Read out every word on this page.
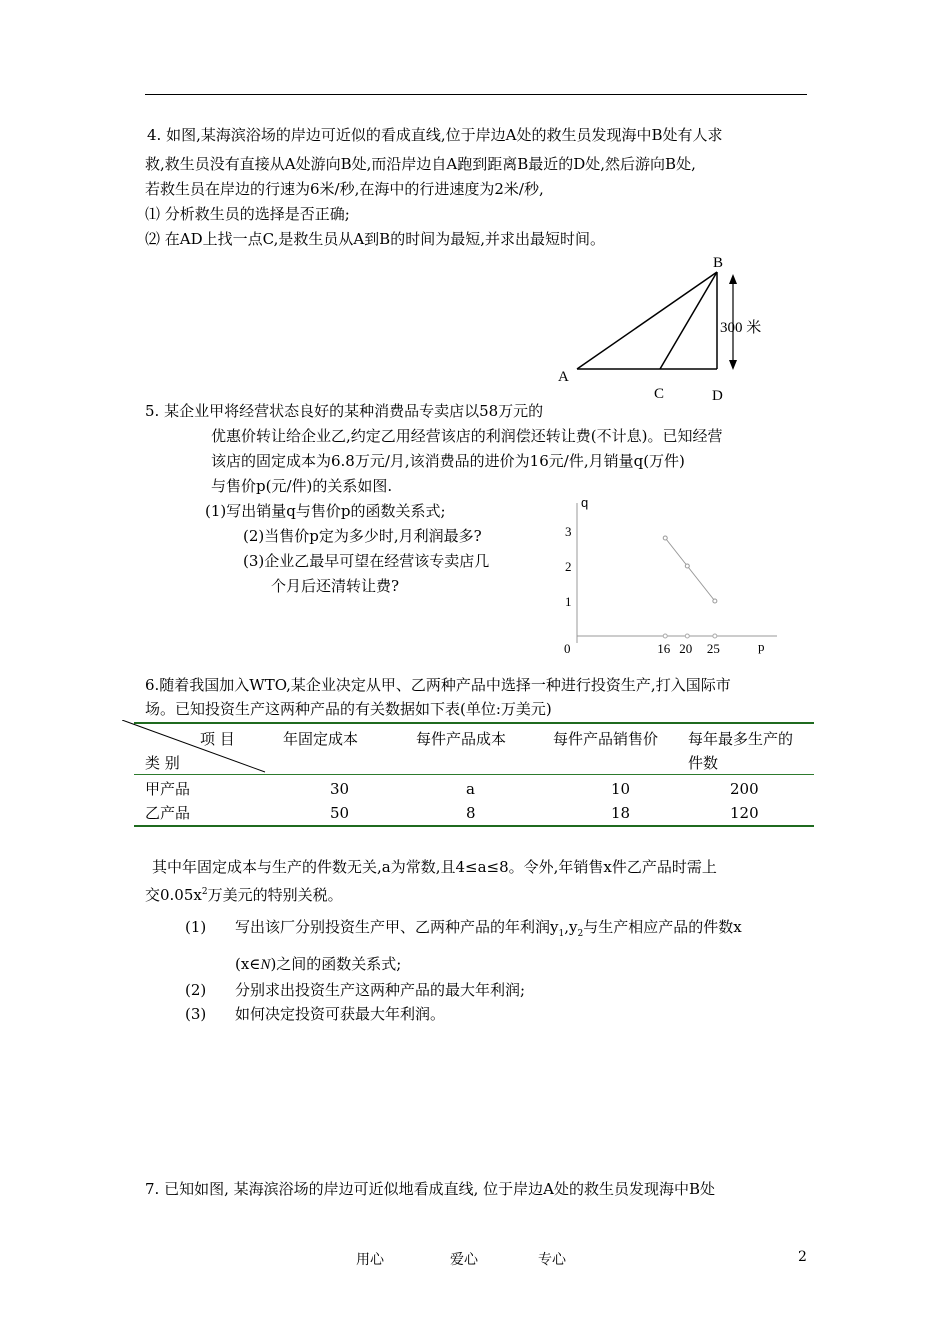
4. 如图,某海滨浴场的岸边可近似的看成直线,位于岸边A处的救生员发现海中B处有人求
救,救生员没有直接从A处游向B处,而沿岸边自A跑到距离B最近的D处,然后游向B处,
若救生员在岸边的行速为6米/秒,在海中的行进速度为2米/秒,
⑴ 分析救生员的选择是否正确;
⑵ 在AD上找一点C,是救生员从A到B的时间为最短,并求出最短时间。
B
A
C	D
300 米
5. 某企业甲将经营状态良好的某种消费品专卖店以58万元的
优惠价转让给企业乙,约定乙用经营该店的利润偿还转让费(不计息)。已知经营
该店的固定成本为6.8万元/月,该消费品的进价为16元/件,月销量q(万件)
与售价p(元/件)的关系如图.
(1)写出销量q与售价p的函数关系式;
(2)当售价p定为多少时,月利润最多?
(3)企业乙最早可望在经营该专卖店几
个月后还清转让费?
q
p
0
1
2
3
16 20 25
6.随着我国加入WTO,某企业决定从甲、乙两种产品中选择一种进行投资生产,打入国际市
场。已知投资生产这两种产品的有关数据如下表(单位:万美元)
项 目
类 别
年固定成本	每件产品成本	每件产品销售价 每年最多生产的
件数
甲产品	30	a	10	200
乙产品	50	8	18	120
其中年固定成本与生产的件数无关,a为常数,且4≤a≤8。令外,年销售x件乙产品时需上
交$0.05x^2$万美元的特别关税。
(1) 写出该厂分别投资生产甲、乙两种产品的年利润$y_1,y_2$与生产相应产品的件数x
(x∈N)之间的函数关系式;
(2) 分别求出投资生产这两种产品的最大年利润;
(3) 如何决定投资可获最大年利润。
7. 已知如图, 某海滨浴场的岸边可近似地看成直线, 位于岸边A处的救生员发现海中B处
用心	爱心	专心	2
